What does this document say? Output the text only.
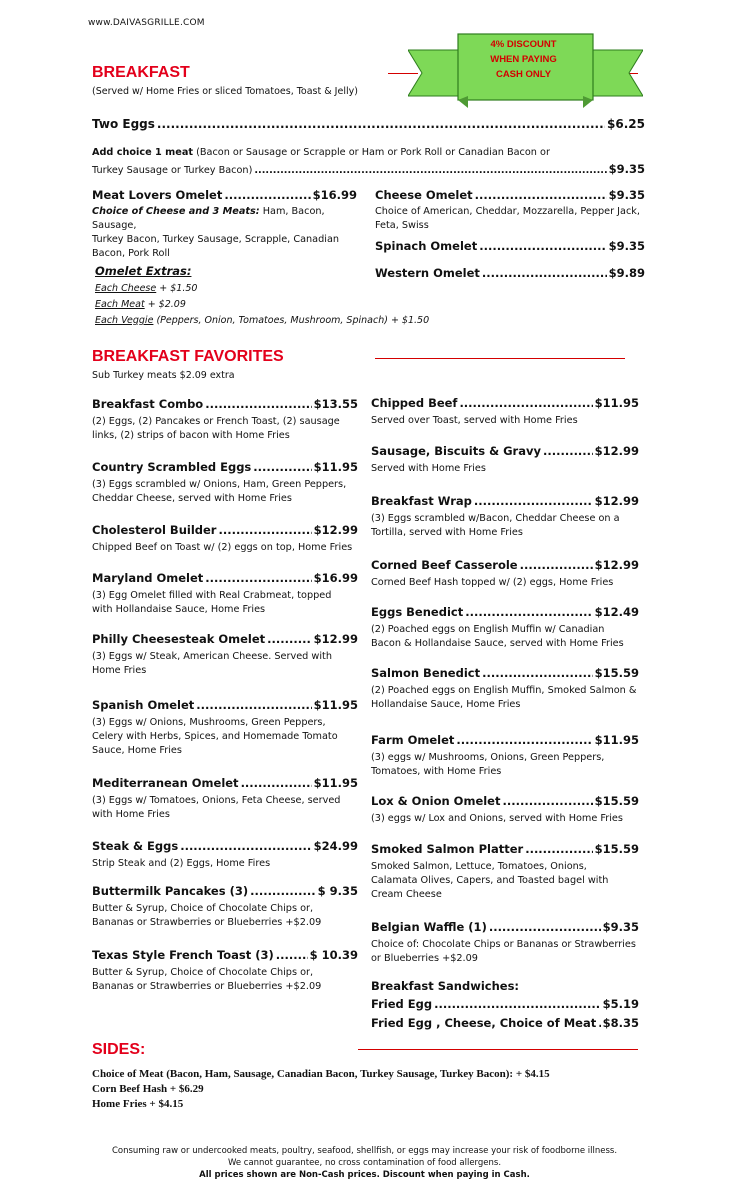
www.DAIVASGRILLE.COM
4% DISCOUNT
WHEN PAYING
CASH ONLY
BREAKFAST
(Served w/ Home Fries or sliced Tomatoes, Toast & Jelly)
Two Eggs .....	$6.25
Add choice 1 meat (Bacon or Sausage or Scrapple or Ham or Pork Roll or Canadian Bacon or
Turkey Sausage or Turkey Bacon) .....	$9.35
Meat Lovers Omelet .....	$16.99
Choice of Cheese and 3 Meats: Ham, Bacon, Sausage,
Turkey Bacon, Turkey Sausage, Scrapple, Canadian
Bacon, Pork Roll
Cheese Omelet .....	$9.35
Choice of American, Cheddar, Mozzarella, Pepper Jack,
Feta, Swiss
Spinach Omelet .....	$9.35
Western Omelet .....	$9.89
Omelet Extras:
Each Cheese + $1.50
Each Meat + $2.09
Each Veggie (Peppers, Onion, Tomatoes, Mushroom, Spinach) + $1.50
BREAKFAST FAVORITES
Sub Turkey meats $2.09 extra
Breakfast Combo .....	$13.55
(2) Eggs, (2) Pancakes or French Toast, (2) sausage
links, (2) strips of bacon with Home Fries
Country Scrambled Eggs .....	$11.95
(3) Eggs scrambled w/ Onions, Ham, Green Peppers,
Cheddar Cheese, served with Home Fries
Cholesterol Builder .....	$12.99
Chipped Beef on Toast w/ (2) eggs on top, Home Fries
Maryland Omelet .....	$16.99
(3) Egg Omelet filled with Real Crabmeat, topped
with Hollandaise Sauce, Home Fries
Philly Cheesesteak Omelet .....	$12.99
(3) Eggs w/ Steak, American Cheese. Served with
Home Fries
Spanish Omelet .....	$11.95
(3) Eggs w/ Onions, Mushrooms, Green Peppers,
Celery with Herbs, Spices, and Homemade Tomato
Sauce, Home Fries
Mediterranean Omelet .....	$11.95
(3) Eggs w/ Tomatoes, Onions, Feta Cheese, served
with Home Fries
Steak & Eggs .....	$24.99
Strip Steak and (2) Eggs, Home Fires
Buttermilk Pancakes (3) .....	$ 9.35
Butter & Syrup, Choice of Chocolate Chips or,
Bananas or Strawberries or Blueberries +$2.09
Texas Style French Toast (3) .....	$ 10.39
Butter & Syrup, Choice of Chocolate Chips or,
Bananas or Strawberries or Blueberries +$2.09
Chipped Beef .....	$11.95
Served over Toast, served with Home Fries
Sausage, Biscuits & Gravy .....	$12.99
Served with Home Fries
Breakfast Wrap .....	$12.99
(3) Eggs scrambled w/Bacon, Cheddar Cheese on a
Tortilla, served with Home Fries
Corned Beef Casserole .....	$12.99
Corned Beef Hash topped w/ (2) eggs, Home Fries
Eggs Benedict .....	$12.49
(2) Poached eggs on English Muffin w/ Canadian
Bacon & Hollandaise Sauce, served with Home Fries
Salmon Benedict .....	$15.59
(2) Poached eggs on English Muffin, Smoked Salmon &
Hollandaise Sauce, Home Fries
Farm Omelet .....	$11.95
(3) eggs w/ Mushrooms, Onions, Green Peppers,
Tomatoes, with Home Fries
Lox & Onion Omelet .....	$15.59
(3) eggs w/ Lox and Onions, served with Home Fries
Smoked Salmon Platter .....	$15.59
Smoked Salmon, Lettuce, Tomatoes, Onions,
Calamata Olives, Capers, and Toasted bagel with
Cream Cheese
Belgian Waffle (1) .....	$9.35
Choice of: Chocolate Chips or Bananas or Strawberries
or Blueberries +$2.09
Breakfast Sandwiches:
Fried Egg .....	$5.19
Fried Egg , Cheese, Choice of Meat ..... $8.35
SIDES:
Choice of Meat (Bacon, Ham, Sausage, Canadian Bacon, Turkey Sausage, Turkey Bacon): + $4.15
Corn Beef Hash + $6.29
Home Fries + $4.15
Consuming raw or undercooked meats, poultry, seafood, shellfish, or eggs may increase your risk of foodborne illness.
We cannot guarantee, no cross contamination of food allergens.
All prices shown are Non-Cash prices. Discount when paying in Cash.
